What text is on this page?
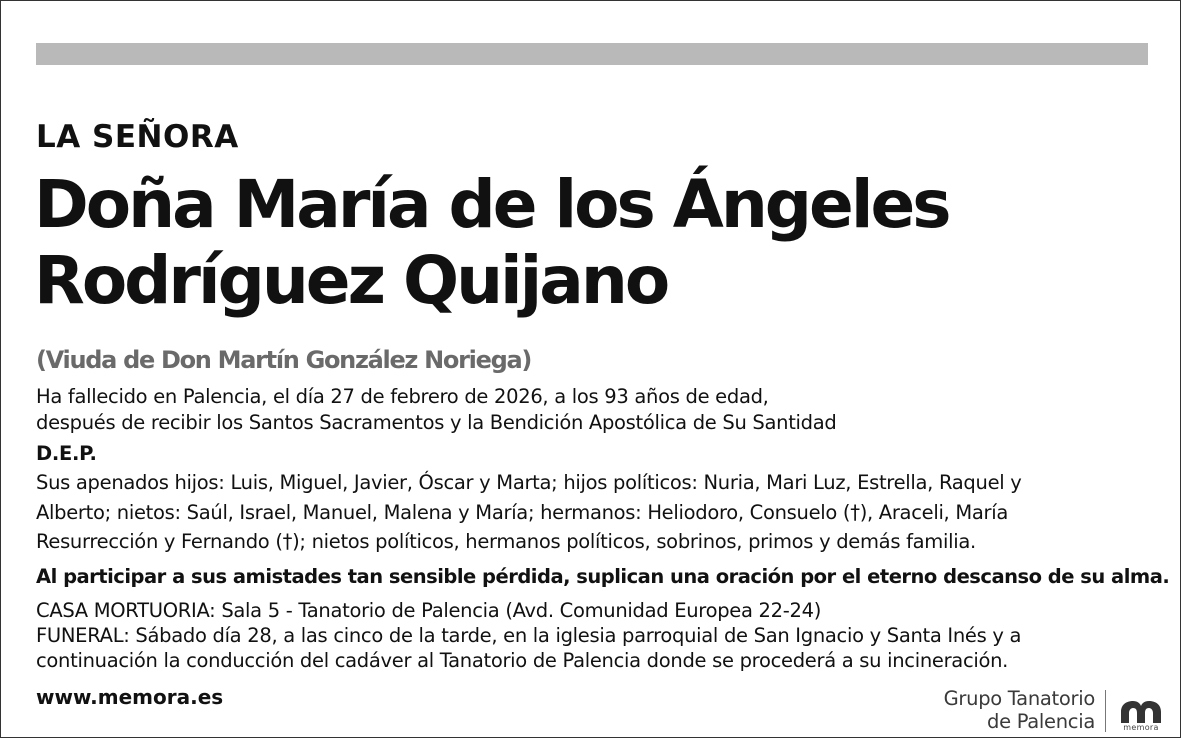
LA SEÑORA
Doña María de los Ángeles
Rodríguez Quijano
(Viuda de Don Martín González Noriega)
Ha fallecido en Palencia, el día 27 de febrero de 2026, a los 93 años de edad,
después de recibir los Santos Sacramentos y la Bendición Apostólica de Su Santidad
D.E.P.
Sus apenados hijos: Luis, Miguel, Javier, Óscar y Marta; hijos políticos: Nuria, Mari Luz, Estrella, Raquel y
Alberto; nietos: Saúl, Israel, Manuel, Malena y María; hermanos: Heliodoro, Consuelo (†), Araceli, María
Resurrección y Fernando (†); nietos políticos, hermanos políticos, sobrinos, primos y demás familia.
Al participar a sus amistades tan sensible pérdida, suplican una oración por el eterno descanso de su alma.
CASA MORTUORIA: Sala 5 - Tanatorio de Palencia (Avd. Comunidad Europea 22-24)
FUNERAL: Sábado día 28, a las cinco de la tarde, en la iglesia parroquial de San Ignacio y Santa Inés y a
continuación la conducción del cadáver al Tanatorio de Palencia donde se procederá a su incineración.
www.memora.es	Grupo Tanatorio
de Palencia	memora
